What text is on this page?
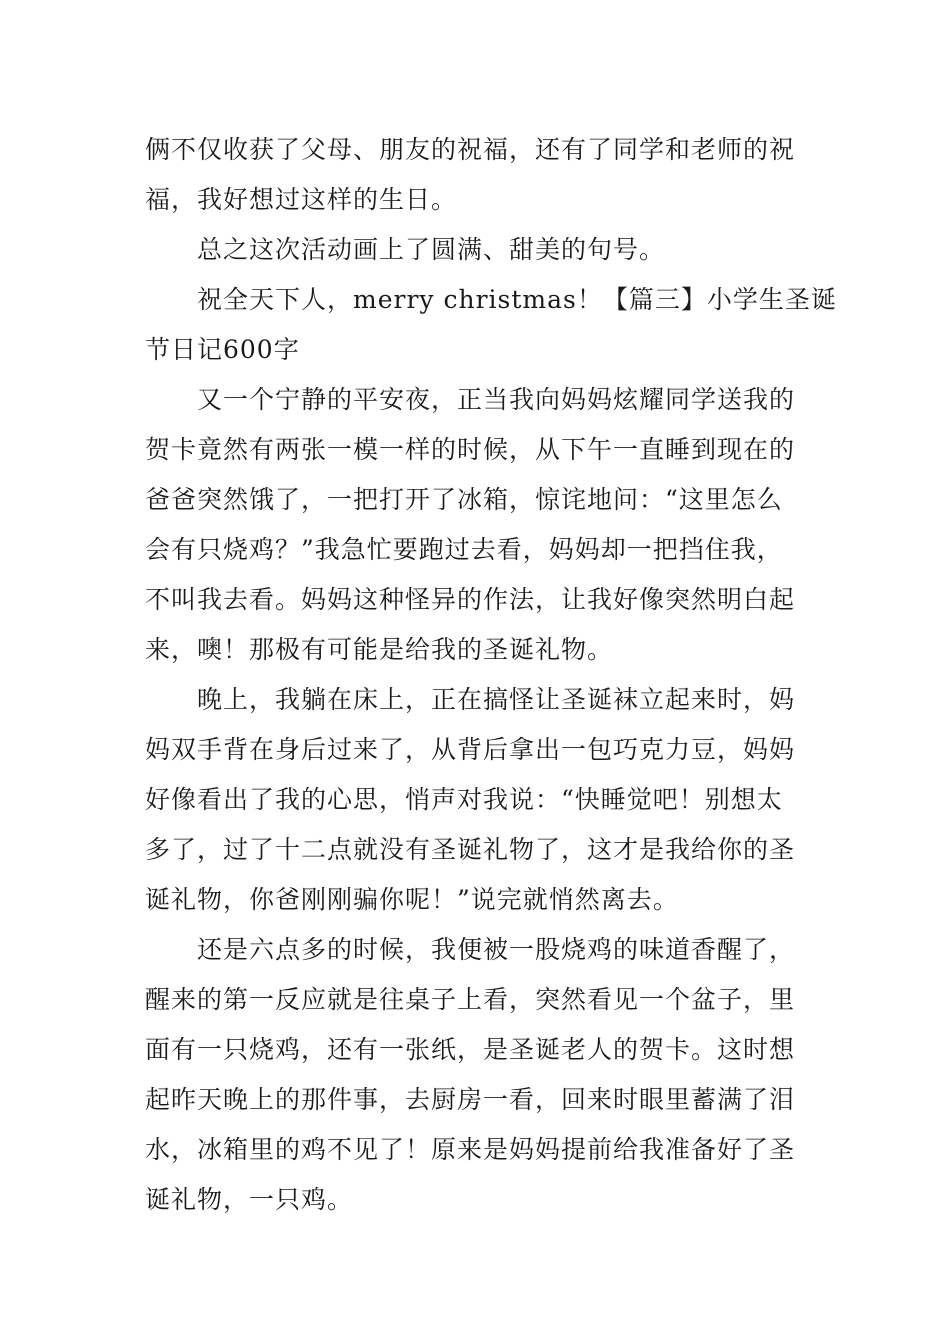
俩不仅收获了父母、朋友的祝福，还有了同学和老师的祝
福，我好想过这样的生日。
总之这次活动画上了圆满、甜美的句号。
祝全天下人，merry christmas！【篇三】小学生圣诞
节日记600字
又一个宁静的平安夜，正当我向妈妈炫耀同学送我的
贺卡竟然有两张一模一样的时候，从下午一直睡到现在的
爸爸突然饿了，一把打开了冰箱，惊诧地问：“这里怎么
会有只烧鸡？”我急忙要跑过去看，妈妈却一把挡住我，
不叫我去看。妈妈这种怪异的作法，让我好像突然明白起
来，噢！那极有可能是给我的圣诞礼物。
晚上，我躺在床上，正在搞怪让圣诞袜立起来时，妈
妈双手背在身后过来了，从背后拿出一包巧克力豆，妈妈
好像看出了我的心思，悄声对我说：“快睡觉吧！别想太
多了，过了十二点就没有圣诞礼物了，这才是我给你的圣
诞礼物，你爸刚刚骗你呢！”说完就悄然离去。
还是六点多的时候，我便被一股烧鸡的味道香醒了，
醒来的第一反应就是往桌子上看，突然看见一个盆子，里
面有一只烧鸡，还有一张纸，是圣诞老人的贺卡。这时想
起昨天晚上的那件事，去厨房一看，回来时眼里蓄满了泪
水，冰箱里的鸡不见了！原来是妈妈提前给我准备好了圣
诞礼物，一只鸡。
